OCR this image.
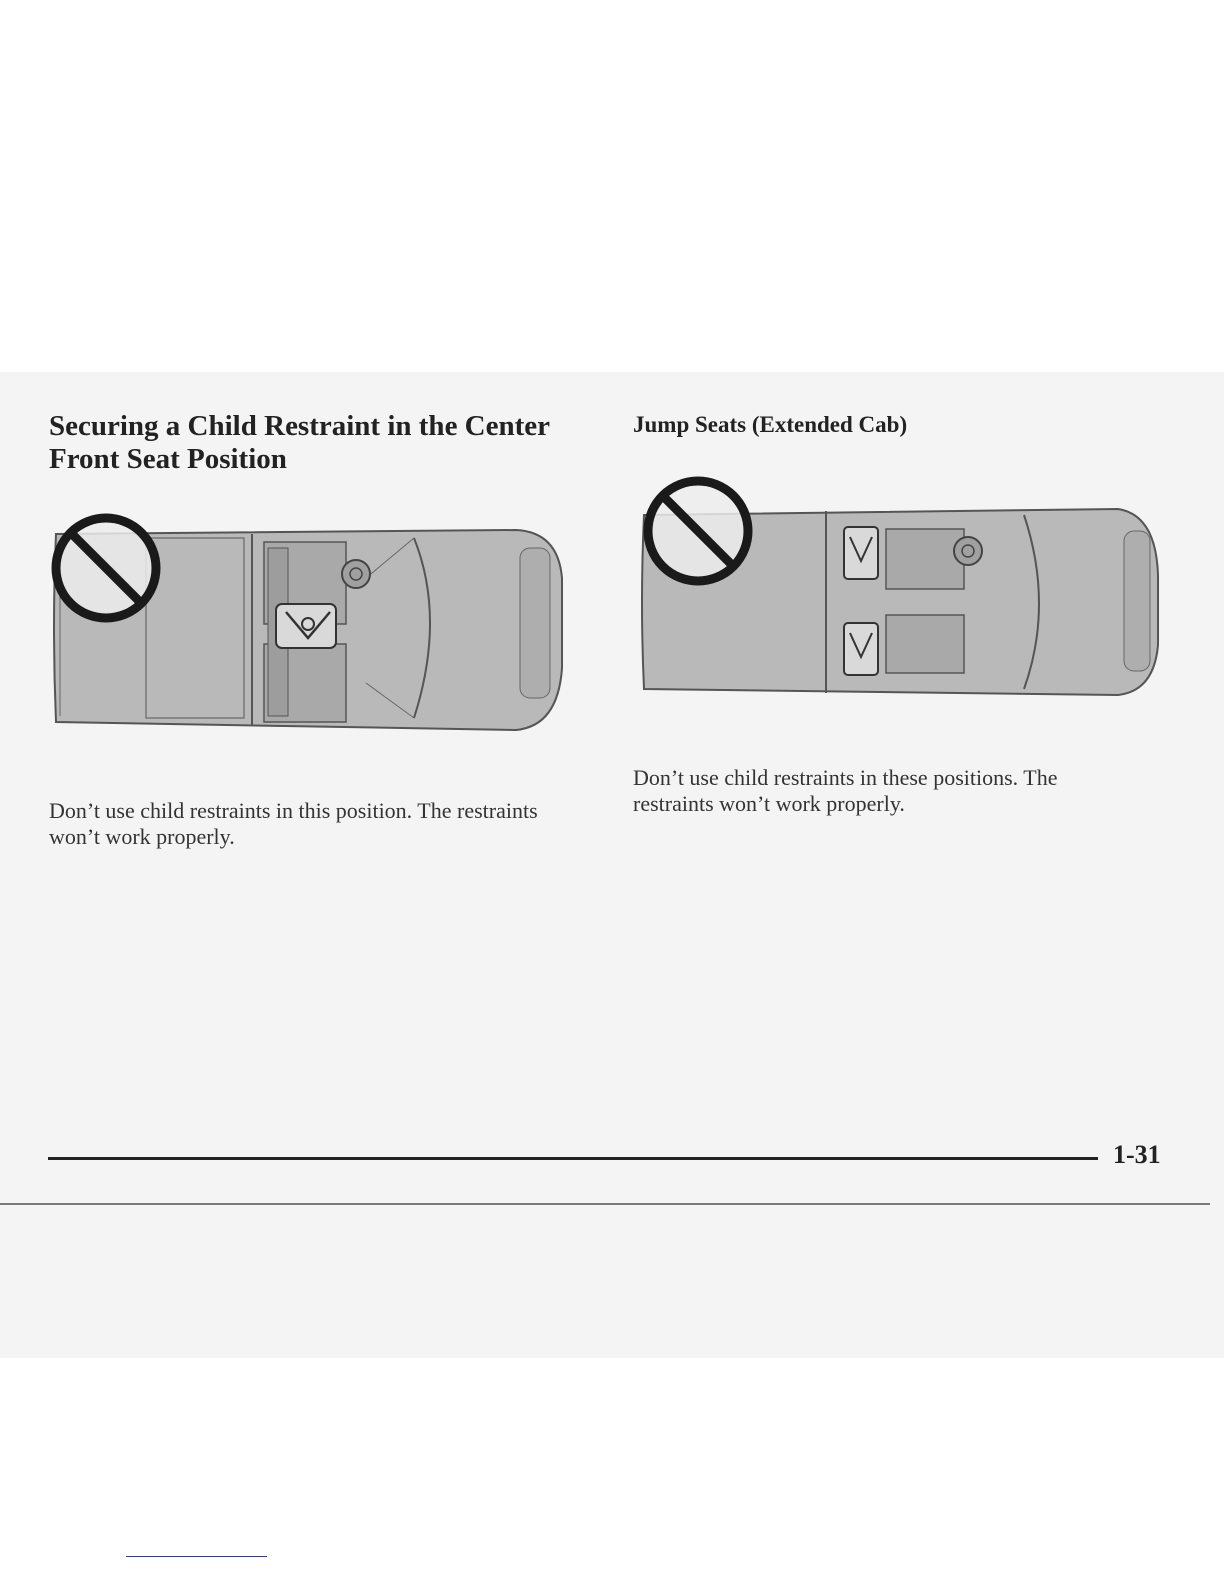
Securing a Child Restraint in the Center Front Seat Position

Don’t use child restraints in this position. The restraints won’t work properly.

Jump Seats (Extended Cab)

Don’t use child restraints in these positions. The restraints won’t work properly.

1-31
